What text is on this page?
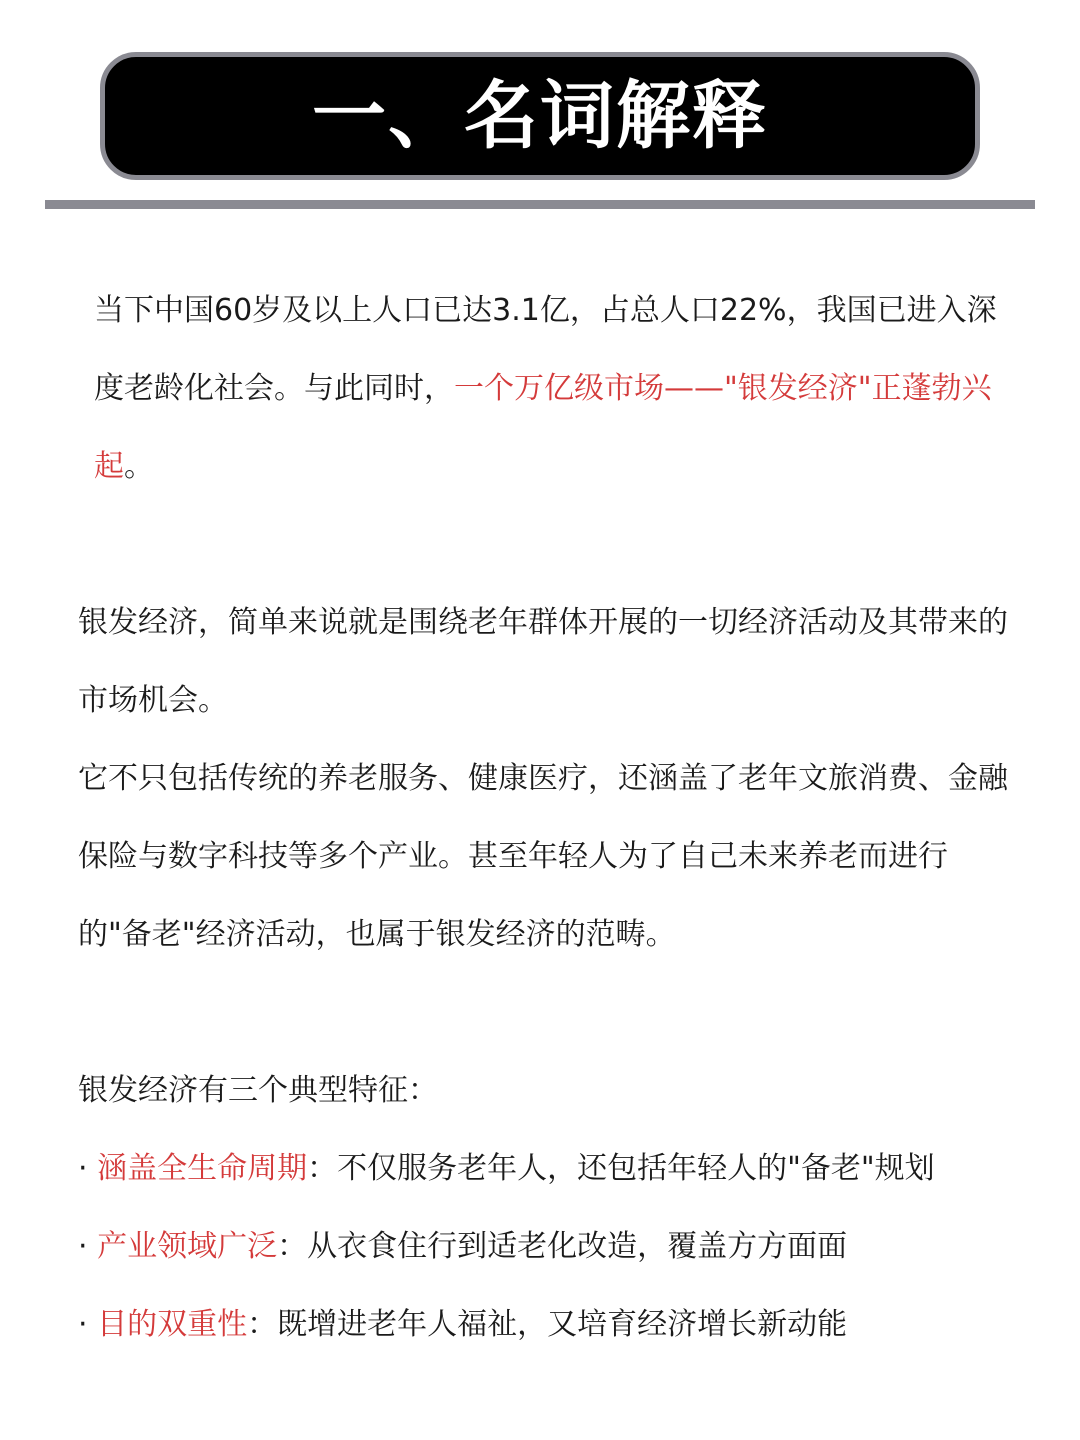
一、名词解释

当下中国60岁及以上人口已达3.1亿，占总人口22%，我国已进入深度老龄化社会。与此同时，一个万亿级市场——"银发经济"正蓬勃兴起。

银发经济，简单来说就是围绕老年群体开展的一切经济活动及其带来的市场机会。

它不只包括传统的养老服务、健康医疗，还涵盖了老年文旅消费、金融保险与数字科技等多个产业。甚至年轻人为了自己未来养老而进行的"备老"经济活动，也属于银发经济的范畴。

银发经济有三个典型特征：

· 涵盖全生命周期：不仅服务老年人，还包括年轻人的"备老"规划

· 产业领域广泛：从衣食住行到适老化改造，覆盖方方面面

· 目的双重性：既增进老年人福祉，又培育经济增长新动能
